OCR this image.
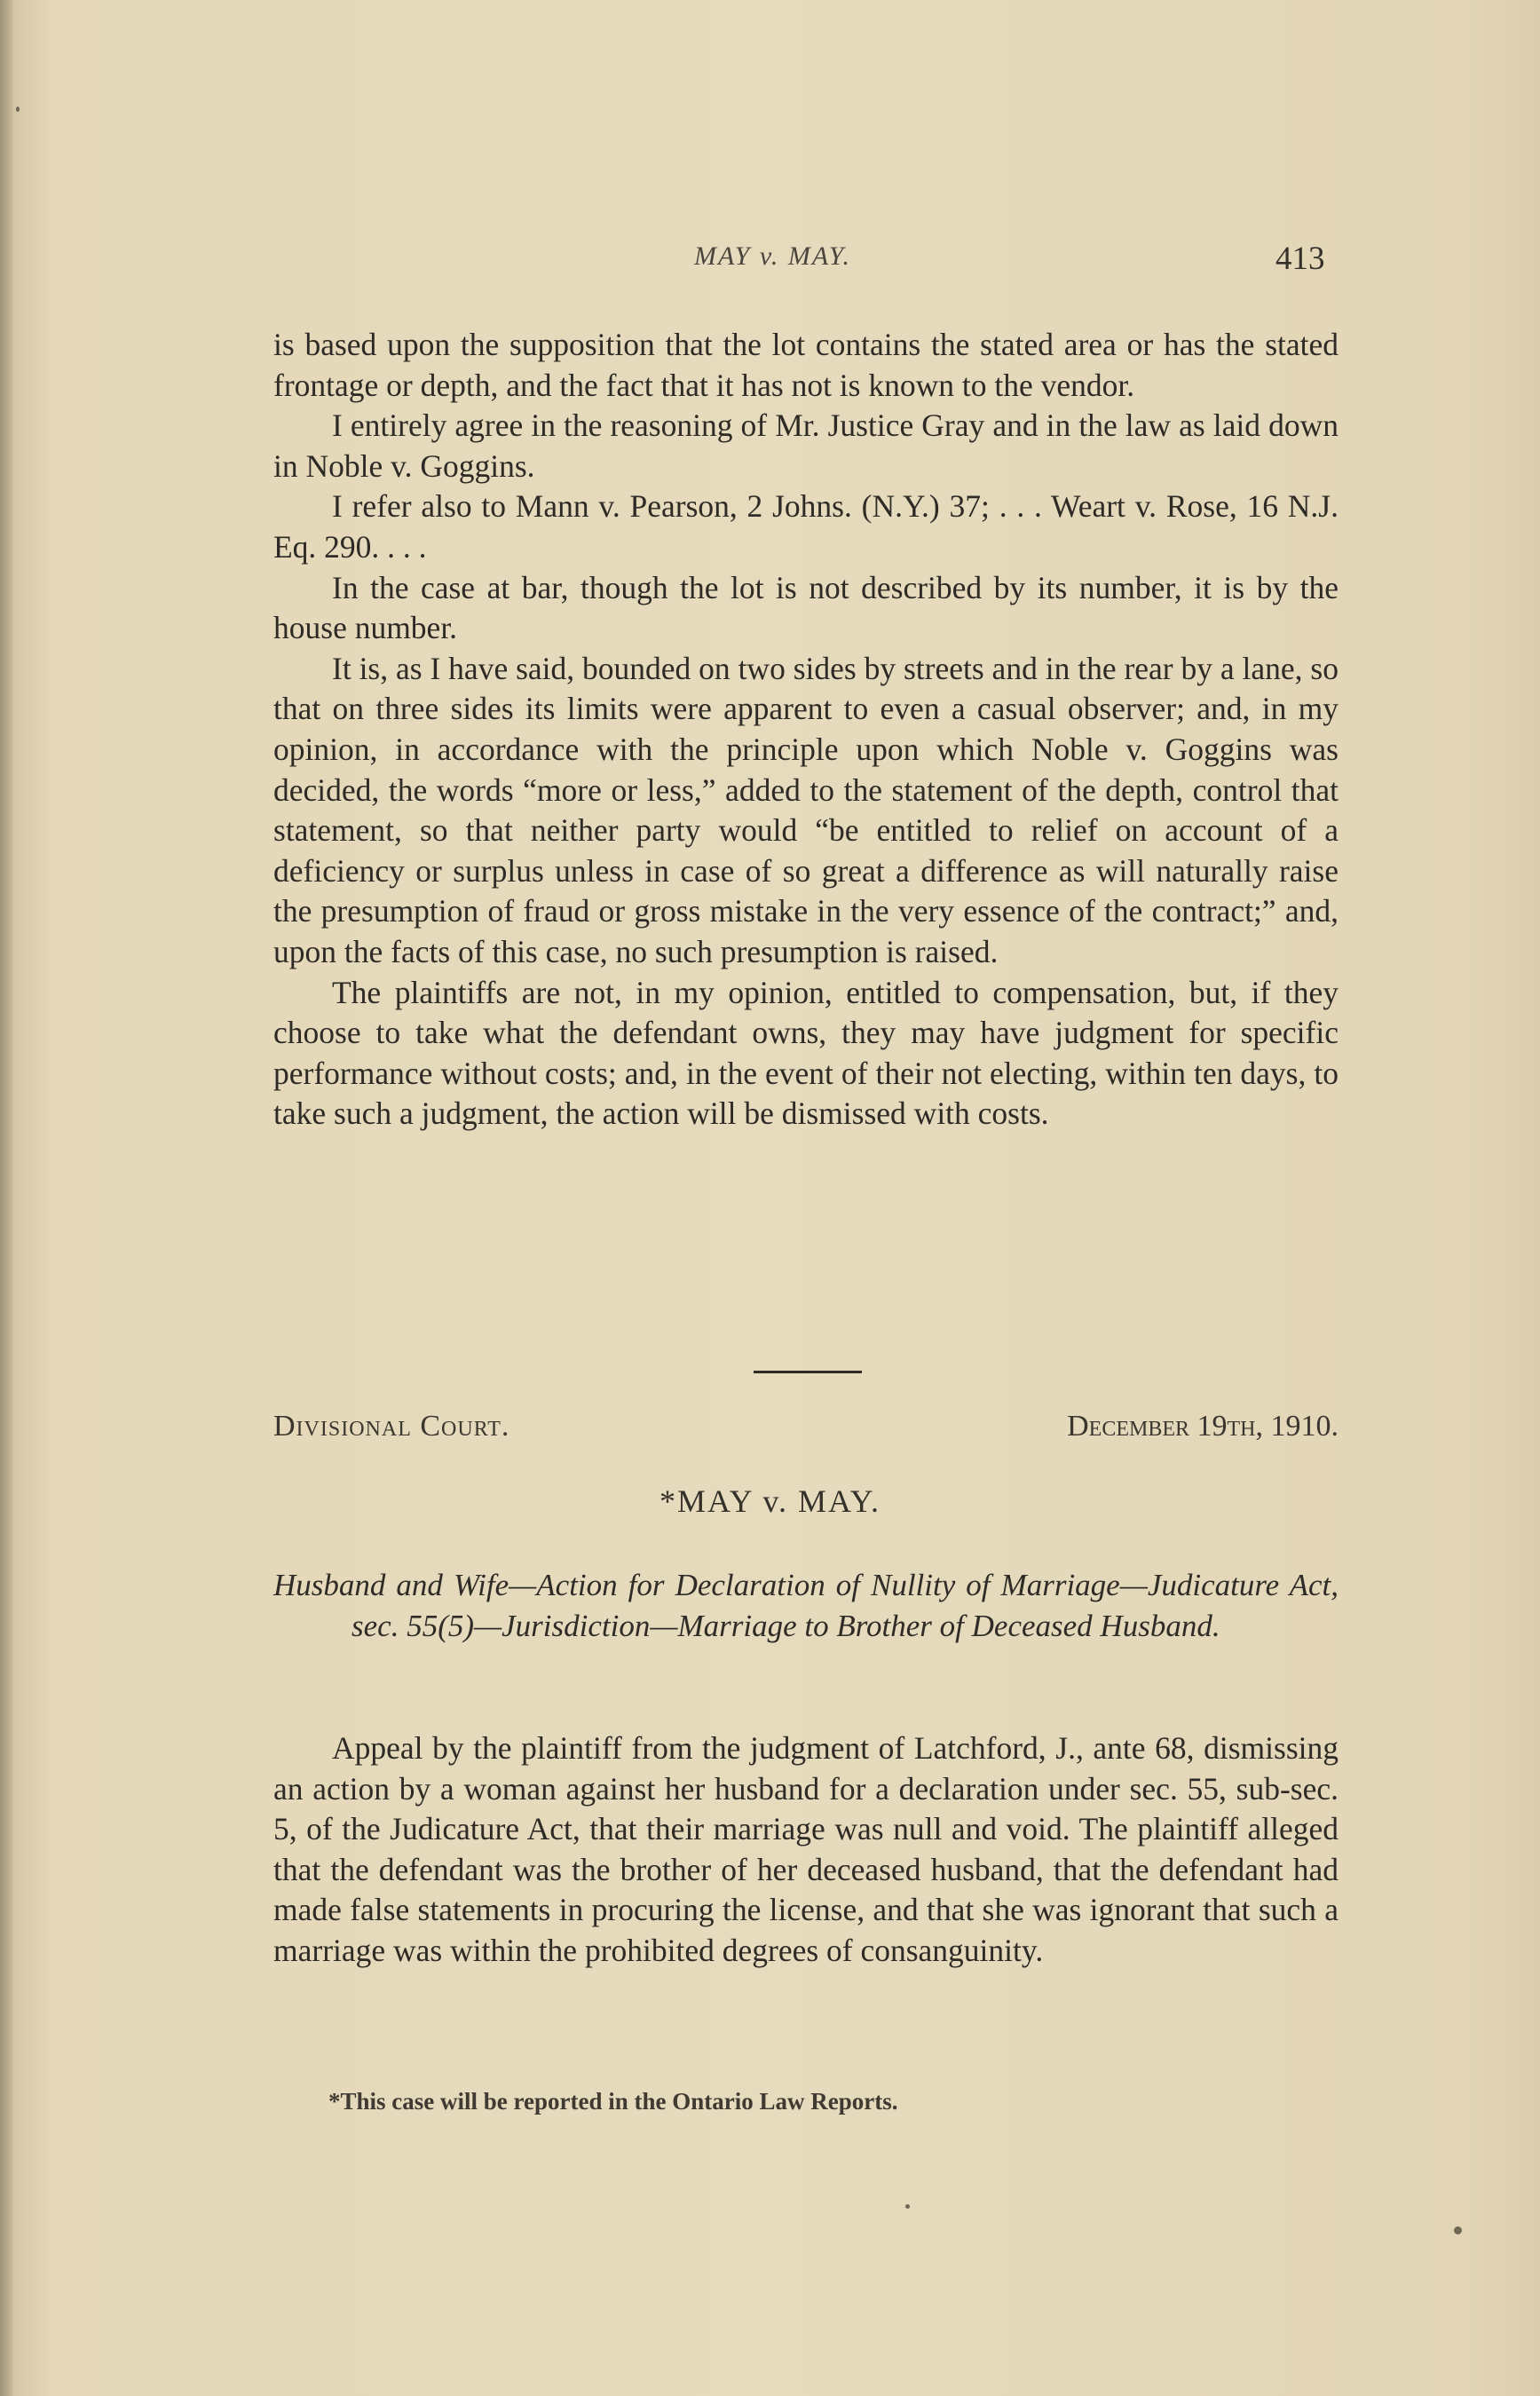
MAY v. MAY.	413

is based upon the supposition that the lot contains the stated area or has the stated frontage or depth, and the fact that it has not is known to the vendor.

I entirely agree in the reasoning of Mr. Justice Gray and in the law as laid down in Noble v. Goggins.

I refer also to Mann v. Pearson, 2 Johns. (N.Y.) 37; . . . Weart v. Rose, 16 N.J. Eq. 290. . . .

In the case at bar, though the lot is not described by its number, it is by the house number.

It is, as I have said, bounded on two sides by streets and in the rear by a lane, so that on three sides its limits were apparent to even a casual observer; and, in my opinion, in accordance with the principle upon which Noble v. Goggins was decided, the words “more or less,” added to the statement of the depth, control that statement, so that neither party would “be entitled to relief on account of a deficiency or surplus unless in case of so great a difference as will naturally raise the presumption of fraud or gross mistake in the very essence of the contract;” and, upon the facts of this case, no such presumption is raised.

The plaintiffs are not, in my opinion, entitled to compensation, but, if they choose to take what the defendant owns, they may have judgment for specific performance without costs; and, in the event of their not electing, within ten days, to take such a judgment, the action will be dismissed with costs.

Divisional Court.	December 19th, 1910.
*MAY v. MAY.

Husband and Wife—Action for Declaration of Nullity of Marriage—Judicature Act, sec. 55(5)—Jurisdiction—Marriage to Brother of Deceased Husband.

Appeal by the plaintiff from the judgment of Latchford, J., ante 68, dismissing an action by a woman against her husband for a declaration under sec. 55, sub-sec. 5, of the Judicature Act, that their marriage was null and void. The plaintiff alleged that the defendant was the brother of her deceased husband, that the defendant had made false statements in procuring the license, and that she was ignorant that such a marriage was within the prohibited degrees of consanguinity.

*This case will be reported in the Ontario Law Reports.
